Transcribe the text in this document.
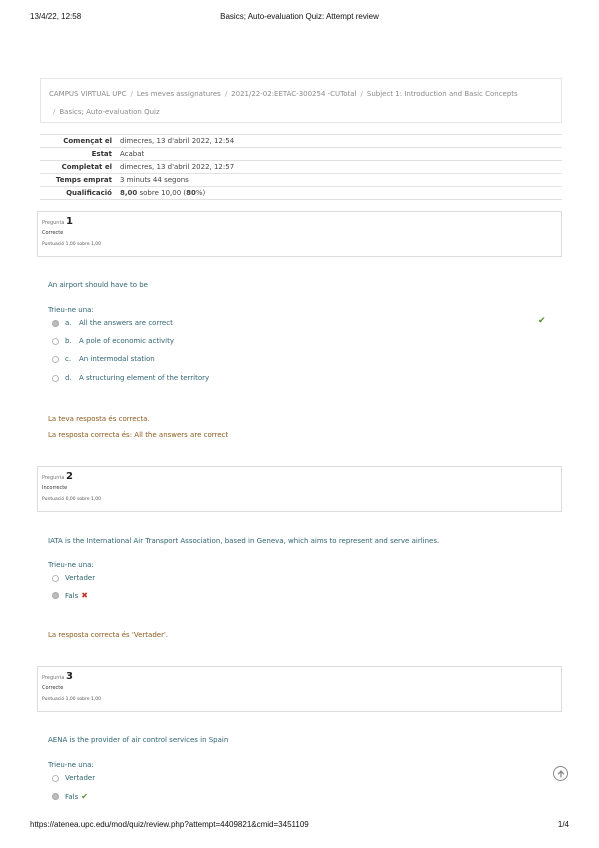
13/4/22, 12:58	Basics; Auto-evaluation Quiz: Attempt review
CAMPUS VIRTUAL UPC / Les meves assignatures / 2021/22-02:EETAC-300254 -CUTotal / Subject 1: Introduction and Basic Concepts
/ Basics; Auto-evaluation Quiz
Començat el	dimecres, 13 d'abril 2022, 12:54
Estat	Acabat
Completat el	dimecres, 13 d'abril 2022, 12:57
Temps emprat	3 minuts 44 segons
Qualificació	8,00 sobre 10,00 (80%)
Pregunta 1
Correcte
Puntuació 1,00 sobre 1,00
An airport should have to be
Trieu-ne una:
a.	All the answers are correct	✔
b.	A pole of economic activity
c.	An intermodal station
d.	A structuring element of the territory
La teva resposta és correcta.
La resposta correcta és: All the answers are correct
Pregunta 2
Incorrecte
Puntuació 0,00 sobre 1,00
IATA is the International Air Transport Association, based in Geneva, which aims to represent and serve airlines.
Trieu-ne una:
Vertader
Fals ✖
La resposta correcta és 'Vertader'.
Pregunta 3
Correcte
Puntuació 1,00 sobre 1,00
AENA is the provider of air control services in Spain
Trieu-ne una:
Vertader
Fals ✔
https://atenea.upc.edu/mod/quiz/review.php?attempt=4409821&cmid=3451109	1/4
